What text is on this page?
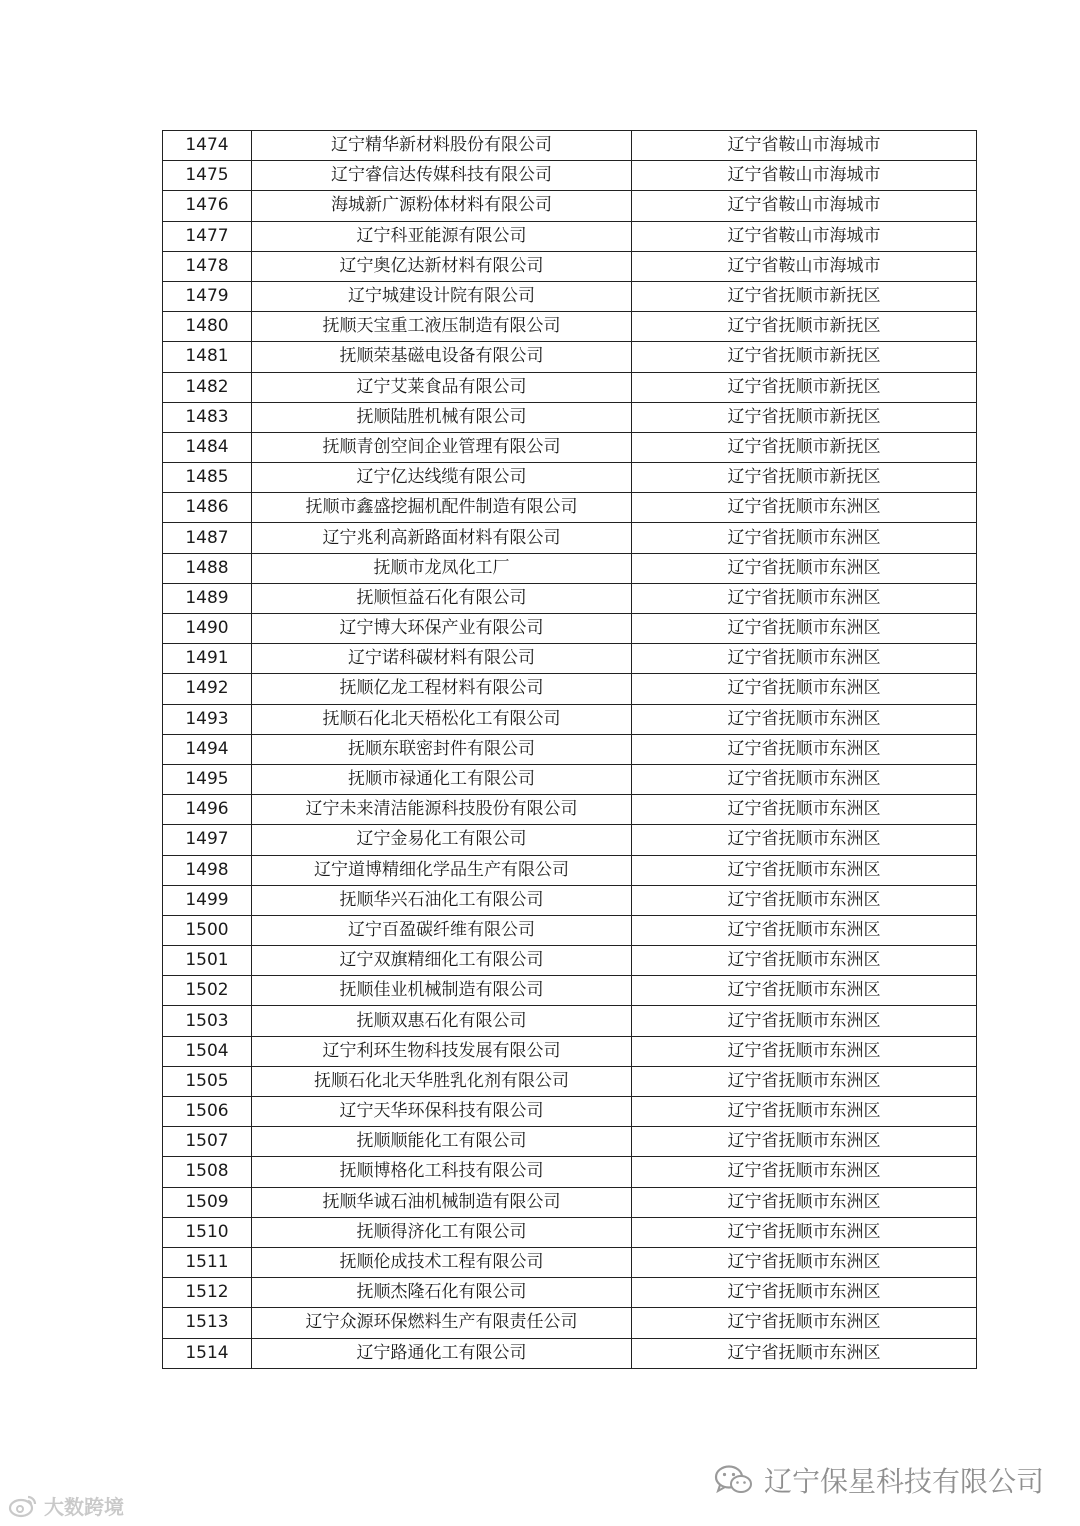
1474	辽宁精华新材料股份有限公司	辽宁省鞍山市海城市
1475	辽宁睿信达传媒科技有限公司	辽宁省鞍山市海城市
1476	海城新广源粉体材料有限公司	辽宁省鞍山市海城市
1477	辽宁科亚能源有限公司	辽宁省鞍山市海城市
1478	辽宁奥亿达新材料有限公司	辽宁省鞍山市海城市
1479	辽宁城建设计院有限公司	辽宁省抚顺市新抚区
1480	抚顺天宝重工液压制造有限公司	辽宁省抚顺市新抚区
1481	抚顺荣基磁电设备有限公司	辽宁省抚顺市新抚区
1482	辽宁艾莱食品有限公司	辽宁省抚顺市新抚区
1483	抚顺陆胜机械有限公司	辽宁省抚顺市新抚区
1484	抚顺青创空间企业管理有限公司	辽宁省抚顺市新抚区
1485	辽宁亿达线缆有限公司	辽宁省抚顺市新抚区
1486	抚顺市鑫盛挖掘机配件制造有限公司	辽宁省抚顺市东洲区
1487	辽宁兆利高新路面材料有限公司	辽宁省抚顺市东洲区
1488	抚顺市龙凤化工厂	辽宁省抚顺市东洲区
1489	抚顺恒益石化有限公司	辽宁省抚顺市东洲区
1490	辽宁博大环保产业有限公司	辽宁省抚顺市东洲区
1491	辽宁诺科碳材料有限公司	辽宁省抚顺市东洲区
1492	抚顺亿龙工程材料有限公司	辽宁省抚顺市东洲区
1493	抚顺石化北天梧松化工有限公司	辽宁省抚顺市东洲区
1494	抚顺东联密封件有限公司	辽宁省抚顺市东洲区
1495	抚顺市禄通化工有限公司	辽宁省抚顺市东洲区
1496	辽宁未来清洁能源科技股份有限公司	辽宁省抚顺市东洲区
1497	辽宁金易化工有限公司	辽宁省抚顺市东洲区
1498	辽宁道博精细化学品生产有限公司	辽宁省抚顺市东洲区
1499	抚顺华兴石油化工有限公司	辽宁省抚顺市东洲区
1500	辽宁百盈碳纤维有限公司	辽宁省抚顺市东洲区
1501	辽宁双旗精细化工有限公司	辽宁省抚顺市东洲区
1502	抚顺佳业机械制造有限公司	辽宁省抚顺市东洲区
1503	抚顺双惠石化有限公司	辽宁省抚顺市东洲区
1504	辽宁利环生物科技发展有限公司	辽宁省抚顺市东洲区
1505	抚顺石化北天华胜乳化剂有限公司	辽宁省抚顺市东洲区
1506	辽宁天华环保科技有限公司	辽宁省抚顺市东洲区
1507	抚顺顺能化工有限公司	辽宁省抚顺市东洲区
1508	抚顺博格化工科技有限公司	辽宁省抚顺市东洲区
1509	抚顺华诚石油机械制造有限公司	辽宁省抚顺市东洲区
1510	抚顺得济化工有限公司	辽宁省抚顺市东洲区
1511	抚顺伦成技术工程有限公司	辽宁省抚顺市东洲区
1512	抚顺杰隆石化有限公司	辽宁省抚顺市东洲区
1513	辽宁众源环保燃料生产有限责任公司	辽宁省抚顺市东洲区
1514	辽宁路通化工有限公司	辽宁省抚顺市东洲区
大数跨境
辽宁保星科技有限公司
